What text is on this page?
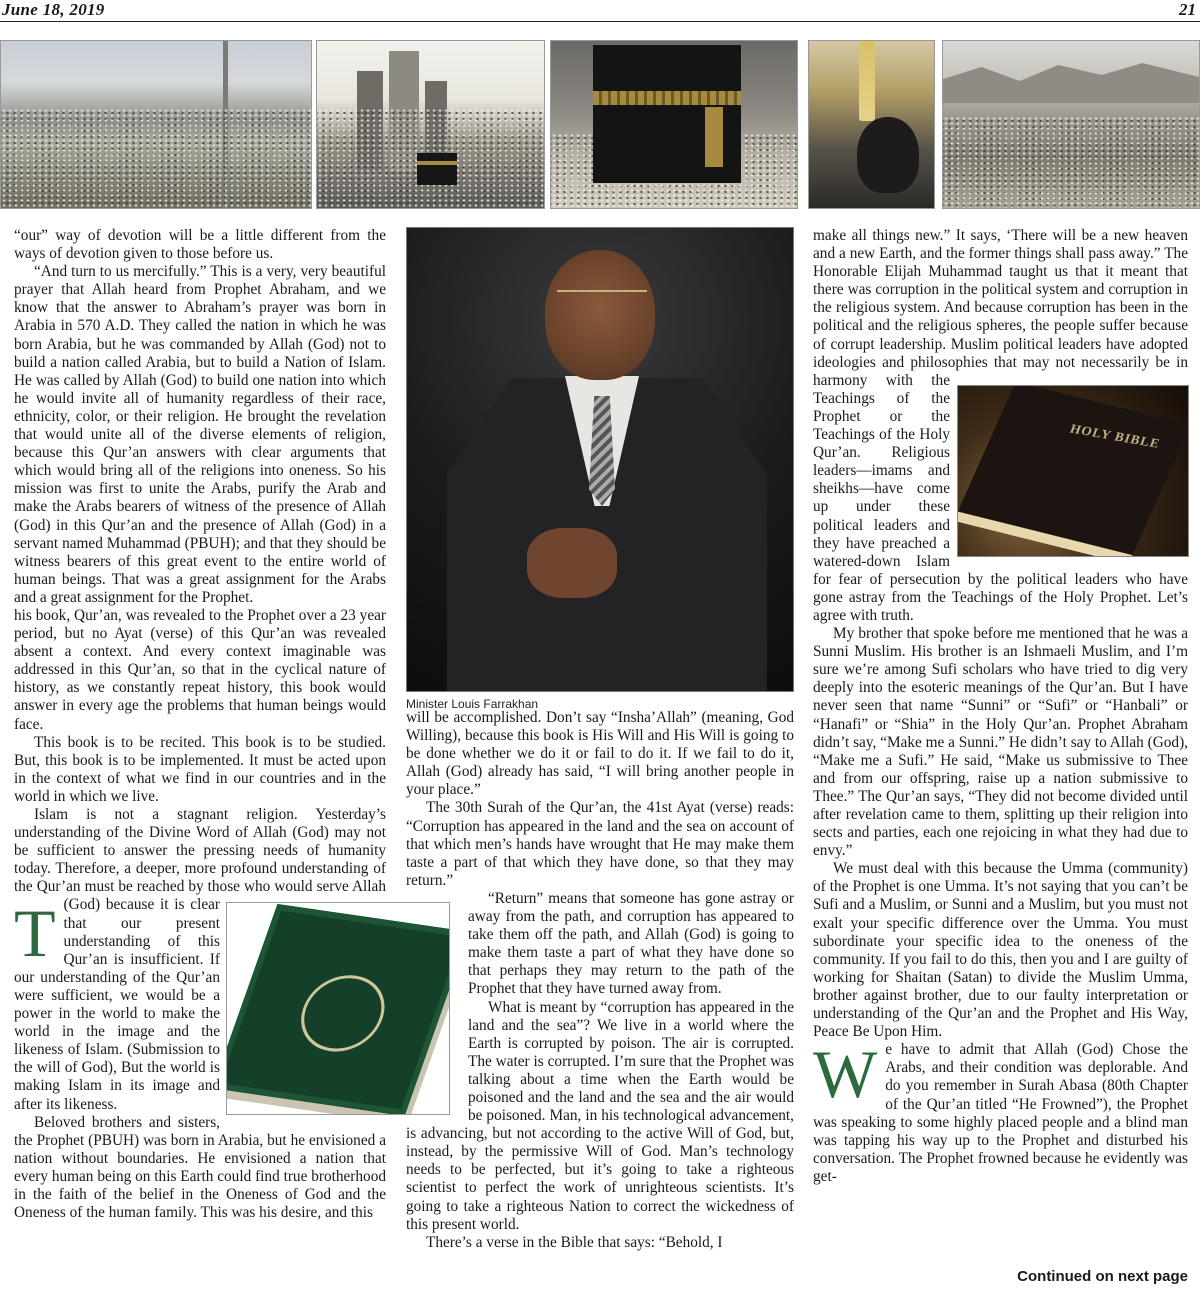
June 18, 2019	21
Minister Louis Farrakhan

“our” way of devotion will be a little different from the ways of devotion given to those before us.

“And turn to us mercifully.” This is a very, very beautiful prayer that Allah heard from Prophet Abraham, and we know that the answer to Abraham’s prayer was born in Arabia in 570 A.D. They called the nation in which he was born Arabia, but he was commanded by Allah (God) not to build a nation called Arabia, but to build a Nation of Islam. He was called by Allah (God) to build one nation into which he would invite all of humanity regardless of their race, ethnicity, color, or their religion. He brought the revelation that would unite all of the diverse elements of religion, because this Qur’an answers with clear arguments that which would bring all of the religions into oneness. So his mission was first to unite the Arabs, purify the Arab and make the Arabs bearers of witness of the presence of Allah (God) in this Qur’an and the presence of Allah (God) in a servant named Muhammad (PBUH); and that they should be witness bearers of this great event to the entire world of human beings. That was a great assignment for the Arabs and a great assignment for the Prophet.

T
his book, Qur’an, was revealed to the Prophet over a 23 year period, but no Ayat (verse) of this Qur’an was revealed absent a context. And every context imaginable was addressed in this Qur’an, so that in the cyclical nature of history, as we constantly repeat history, this book would answer in every age the problems that human beings would face.

This book is to be recited. This book is to be studied. But, this book is to be implemented. It must be acted upon in the context of what we find in our countries and in the world in which we live.

Islam is not a stagnant religion. Yesterday’s understanding of the Divine Word of Allah (God) may not be sufficient to answer the pressing needs of humanity today. Therefore, a deeper, more profound understanding of the Qur’an must be reached by those who would serve Allah (God) because it is clear that our present understanding of this Qur’an is insufficient. If our understanding of the Qur’an were sufficient, we would be a power in the world to make the world in the image and the likeness of Islam. (Submission to the will of God), But the world is making Islam in its image and after its likeness.

Beloved brothers and sisters, the Prophet (PBUH) was born in Arabia, but he envisioned a nation without boundaries. He envisioned a nation that every human being on this Earth could find true brotherhood in the faith of the belief in the Oneness of God and the Oneness of the human family. This was his desire, and this

will be accomplished. Don’t say “Insha’Allah” (meaning, God Willing), because this book is His Will and His Will is going to be done whether we do it or fail to do it. If we fail to do it, Allah (God) already has said, “I will bring another people in your place.”

The 30th Surah of the Qur’an, the 41st Ayat (verse) reads: “Corruption has appeared in the land and the sea on account of that which men’s hands have wrought that He may make them taste a part of that which they have done, so that they may return.”

“Return” means that someone has gone astray or away from the path, and corruption has appeared to take them off the path, and Allah (God) is going to make them taste a part of what they have done so that perhaps they may return to the path of the Prophet that they have turned away from.

What is meant by “corruption has appeared in the land and the sea”? We live in a world where the Earth is corrupted by poison. The air is corrupted. The water is corrupted. I’m sure that the Prophet was talking about a time when the Earth would be poisoned and the land and the sea and the air would be poisoned. Man, in his technological advancement, is advancing, but not according to the active Will of God, but, instead, by the permissive Will of God. Man’s technology needs to be perfected, but it’s going to take a righteous scientist to perfect the work of unrighteous scientists. It’s going to take a righteous Nation to correct the wickedness of this present world.

There’s a verse in the Bible that says: “Behold, I

make all things new.” It says, ‘There will be a new heaven and a new Earth, and the former things shall pass away.” The Honorable Elijah Muhammad taught us that it meant that there was corruption in the political system and corruption in the religious system. And because corruption has been in the political and the religious spheres, the people suffer because of corrupt leadership. Muslim political leaders have adopted ideologies and philosophies that may not necessarily be in harmony with the Teachings of the Prophet or the Teachings of the Holy Qur’an. Religious leaders—imams and sheikhs—have come up under these political leaders and they have preached a watered-down Islam for fear of persecution by the political leaders who have gone astray from the Teachings of the Holy Prophet. Let’s agree with truth.

My brother that spoke before me mentioned that he was a Sunni Muslim. His brother is an Ishmaeli Muslim, and I’m sure we’re among Sufi scholars who have tried to dig very deeply into the esoteric meanings of the Qur’an. But I have never seen that name “Sunni” or “Sufi” or “Hanbali” or “Hanafi” or “Shia” in the Holy Qur’an. Prophet Abraham didn’t say, “Make me a Sunni.” He didn’t say to Allah (God), “Make me a Sufi.” He said, “Make us submissive to Thee and from our offspring, raise up a nation submissive to Thee.” The Qur’an says, “They did not become divided until after revelation came to them, splitting up their religion into sects and parties, each one rejoicing in what they had due to envy.”

We must deal with this because the Umma (community) of the Prophet is one Umma. It’s not saying that you can’t be Sufi and a Muslim, or Sunni and a Muslim, but you must not exalt your specific difference over the Umma. You must subordinate your specific idea to the oneness of the community. If you fail to do this, then you and I are guilty of working for Shaitan (Satan) to divide the Muslim Umma, brother against brother, due to our faulty interpretation or understanding of the Qur’an and the Prophet and His Way, Peace Be Upon Him.

We have to admit that Allah (God) Chose the Arabs, and their condition was deplorable. And do you remember in Surah Abasa (80th Chapter of the Qur’an titled “He Frowned”), the Prophet was speaking to some highly placed people and a blind man was tapping his way up to the Prophet and disturbed his conversation. The Prophet frowned because he evidently was get-

HOLY BIBLE
Continued on next page
